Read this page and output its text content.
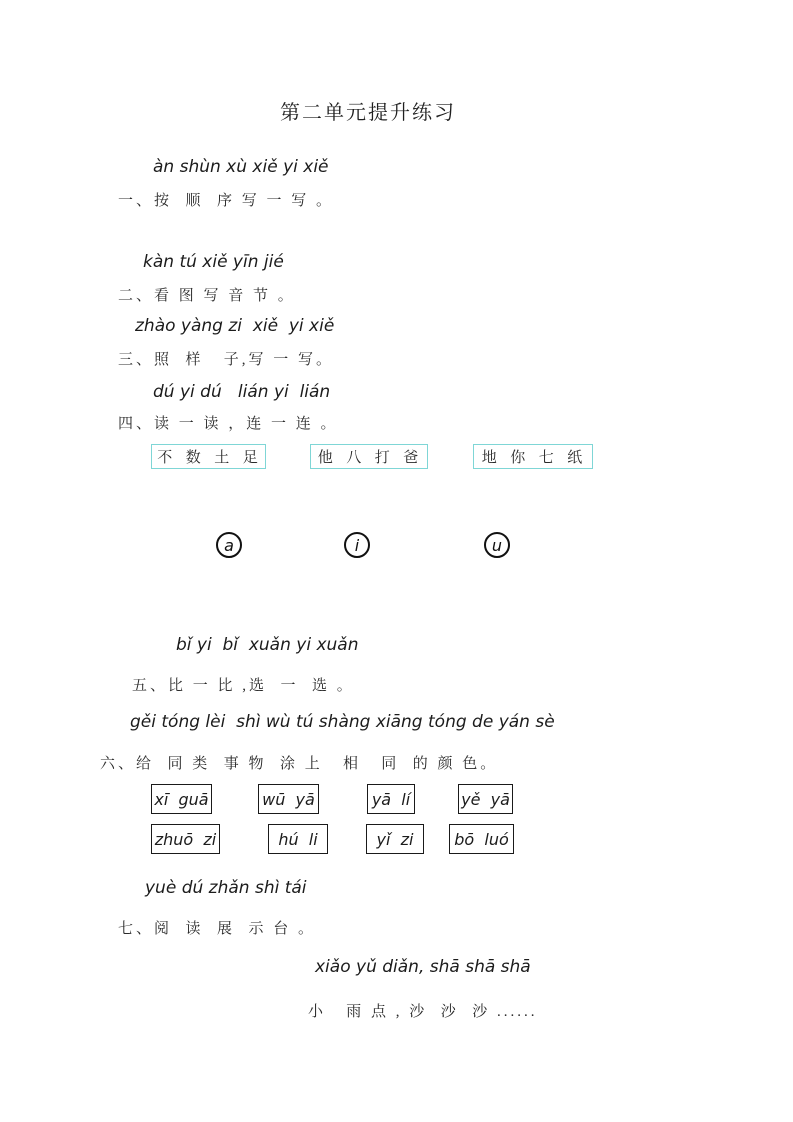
第二单元提升练习
àn shùn xù xiě yi xiě
一、按  顺  序 写 一 写 。
kàn tú xiě yīn jié
二、看 图 写 音 节 。
zhào yàng zi  xiě  yi xiě
三、照  样   子,写 一 写。
dú yi dú   lián yi  lián
四、读 一 读 ，连 一 连 。
不  数  土  足	他  八  打  爸	地  你  七  纸
a	i	u
bǐ yi  bǐ  xuǎn yi xuǎn
五、比 一 比 ,选  一  选 。
gěi tóng lèi  shì wù tú shàng xiāng tóng de yán sè
六、给  同 类  事 物  涂 上   相   同  的 颜 色。
xī  guā	wū  yā	yā  lí	yě  yā
zhuō  zi	hú  li	yǐ  zi	bō  luó
yuè dú zhǎn shì tái
七、阅  读  展  示 台 。
xiǎo yǔ diǎn, shā shā shā
小   雨 点 , 沙  沙  沙 ......
